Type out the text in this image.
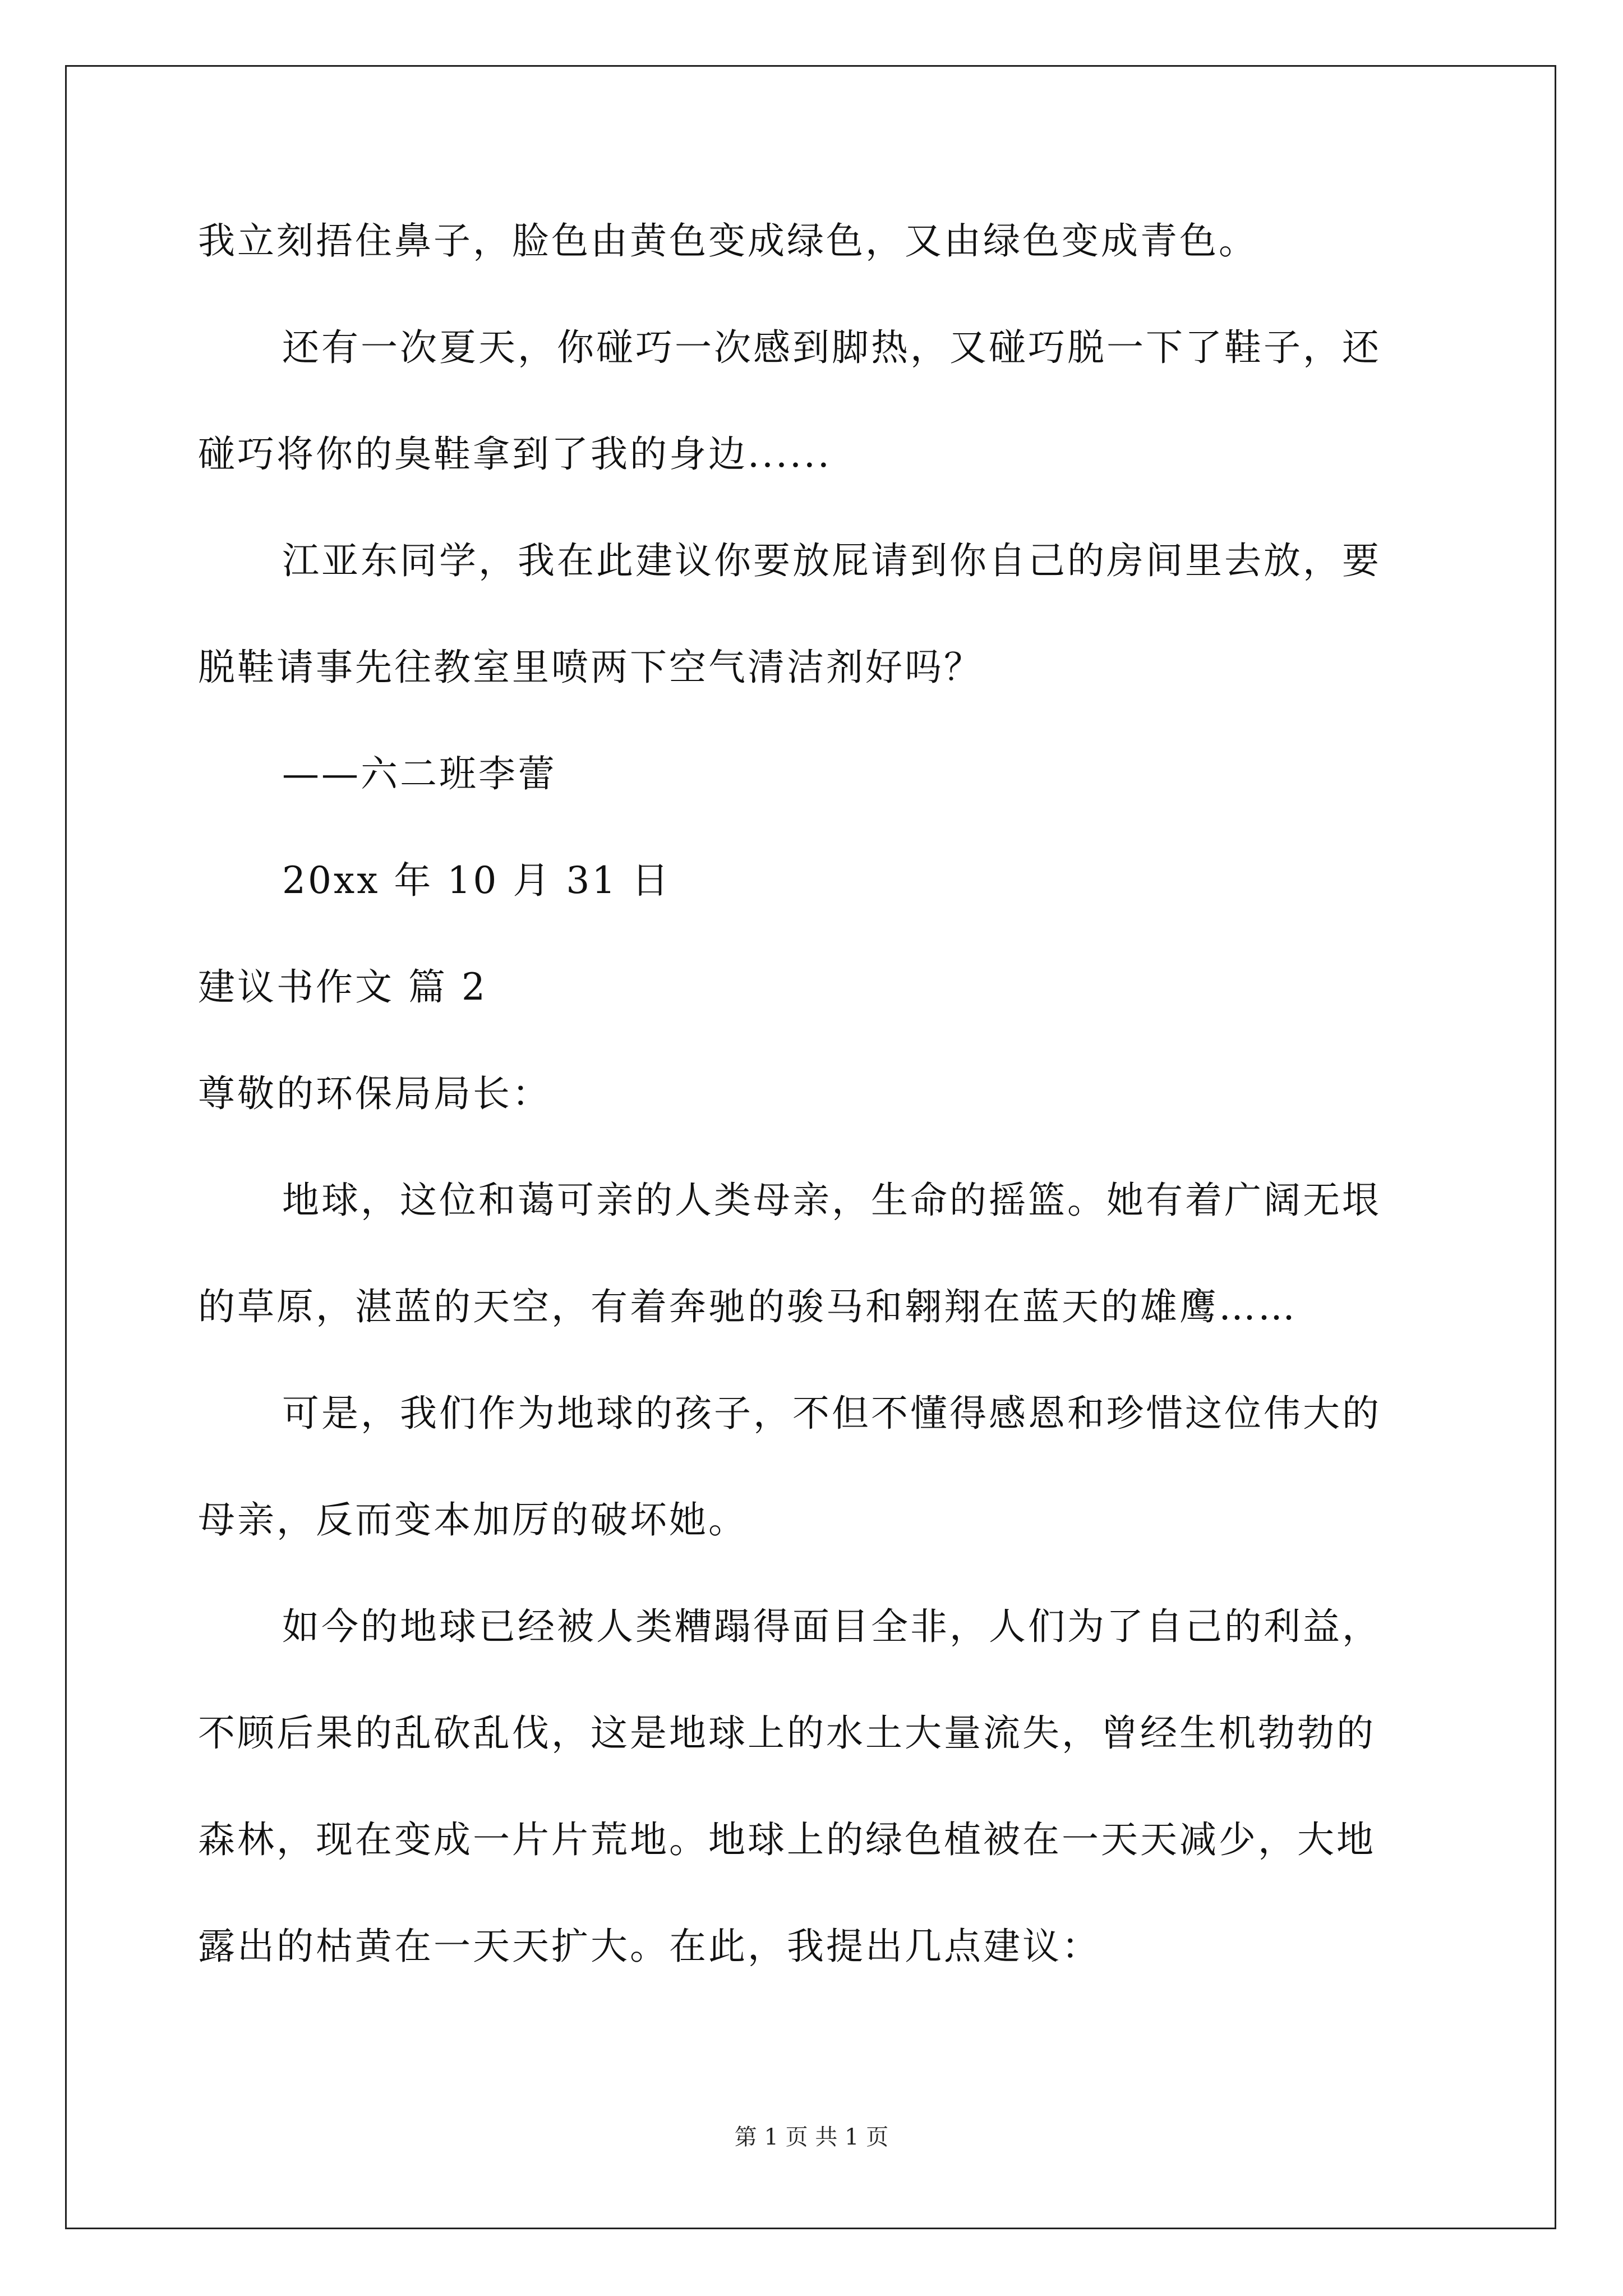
我立刻捂住鼻子，脸色由黄色变成绿色，又由绿色变成青色。
还有一次夏天，你碰巧一次感到脚热，又碰巧脱一下了鞋子，还
碰巧将你的臭鞋拿到了我的身边......
江亚东同学，我在此建议你要放屁请到你自己的房间里去放，要
脱鞋请事先往教室里喷两下空气清洁剂好吗？
——六二班李蕾
20xx 年 10 月 31 日
建议书作文 篇 2
尊敬的环保局局长：
地球，这位和蔼可亲的人类母亲，生命的摇篮。她有着广阔无垠
的草原，湛蓝的天空，有着奔驰的骏马和翱翔在蓝天的雄鹰……
可是，我们作为地球的孩子，不但不懂得感恩和珍惜这位伟大的
母亲，反而变本加厉的破坏她。
如今的地球已经被人类糟蹋得面目全非，人们为了自己的利益，
不顾后果的乱砍乱伐，这是地球上的水土大量流失，曾经生机勃勃的
森林，现在变成一片片荒地。地球上的绿色植被在一天天减少，大地
露出的枯黄在一天天扩大。在此，我提出几点建议：
第 1 页 共 1 页
